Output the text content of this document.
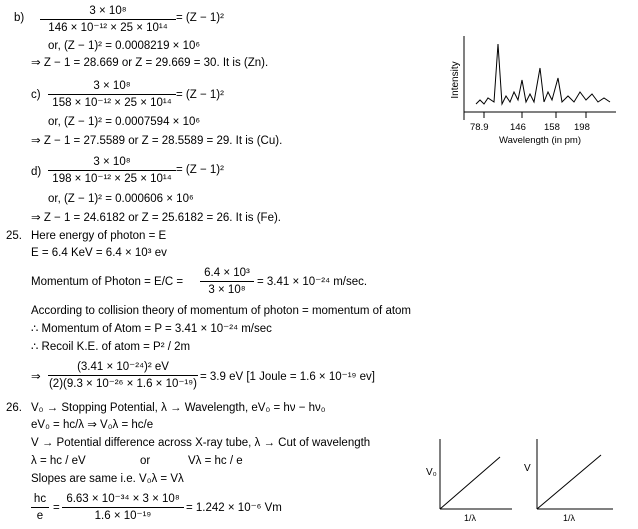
b)
3 × 10⁸
146 × 10⁻¹² × 25 × 10¹⁴
= (Z − 1)²
or, (Z − 1)² = 0.0008219 × 10⁶
⇒ Z − 1 = 28.669 or Z = 29.669 = 30. It is (Zn).
c)
3 × 10⁸
158 × 10⁻¹² × 25 × 10¹⁴
= (Z − 1)²
or, (Z − 1)² = 0.0007594 × 10⁶
⇒ Z − 1 = 27.5589 or Z = 28.5589 = 29. It is (Cu).
d)
3 × 10⁸
198 × 10⁻¹² × 25 × 10¹⁴
= (Z − 1)²
or, (Z − 1)² = 0.000606 × 10⁶
⇒ Z − 1 = 24.6182 or Z = 25.6182 = 26. It is (Fe).
25. Here energy of photon = E
E = 6.4 KeV = 6.4 × 10³ ev
Momentum of Photon = E/C =
6.4 × 10³
3 × 10⁸
= 3.41 × 10⁻²⁴ m/sec.
According to collision theory of momentum of photon = momentum of atom
∴ Momentum of Atom = P = 3.41 × 10⁻²⁴ m/sec
∴ Recoil K.E. of atom = P² / 2m
⇒
(3.41 × 10⁻²⁴)² eV
(2)(9.3 × 10⁻²⁶ × 1.6 × 10⁻¹⁹)
= 3.9 eV [1 Joule = 1.6 × 10⁻¹⁹ ev]
26. V₀ → Stopping Potential, λ → Wavelength, eV₀ = hν − hν₀
eV₀ = hc/λ ⇒ V₀λ = hc/e
V → Potential difference across X-ray tube, λ → Cut of wavelength
λ = hc / eV	or	Vλ = hc / e
Slopes are same i.e. V₀λ = Vλ
hc
e
=
6.63 × 10⁻³⁴ × 3 × 10⁸
1.6 × 10⁻¹⁹
= 1.242 × 10⁻⁶ Vm
Intensity
78.9 146 158 198
Wavelength (in pm)
V₀
1/λ
V
1/λ
